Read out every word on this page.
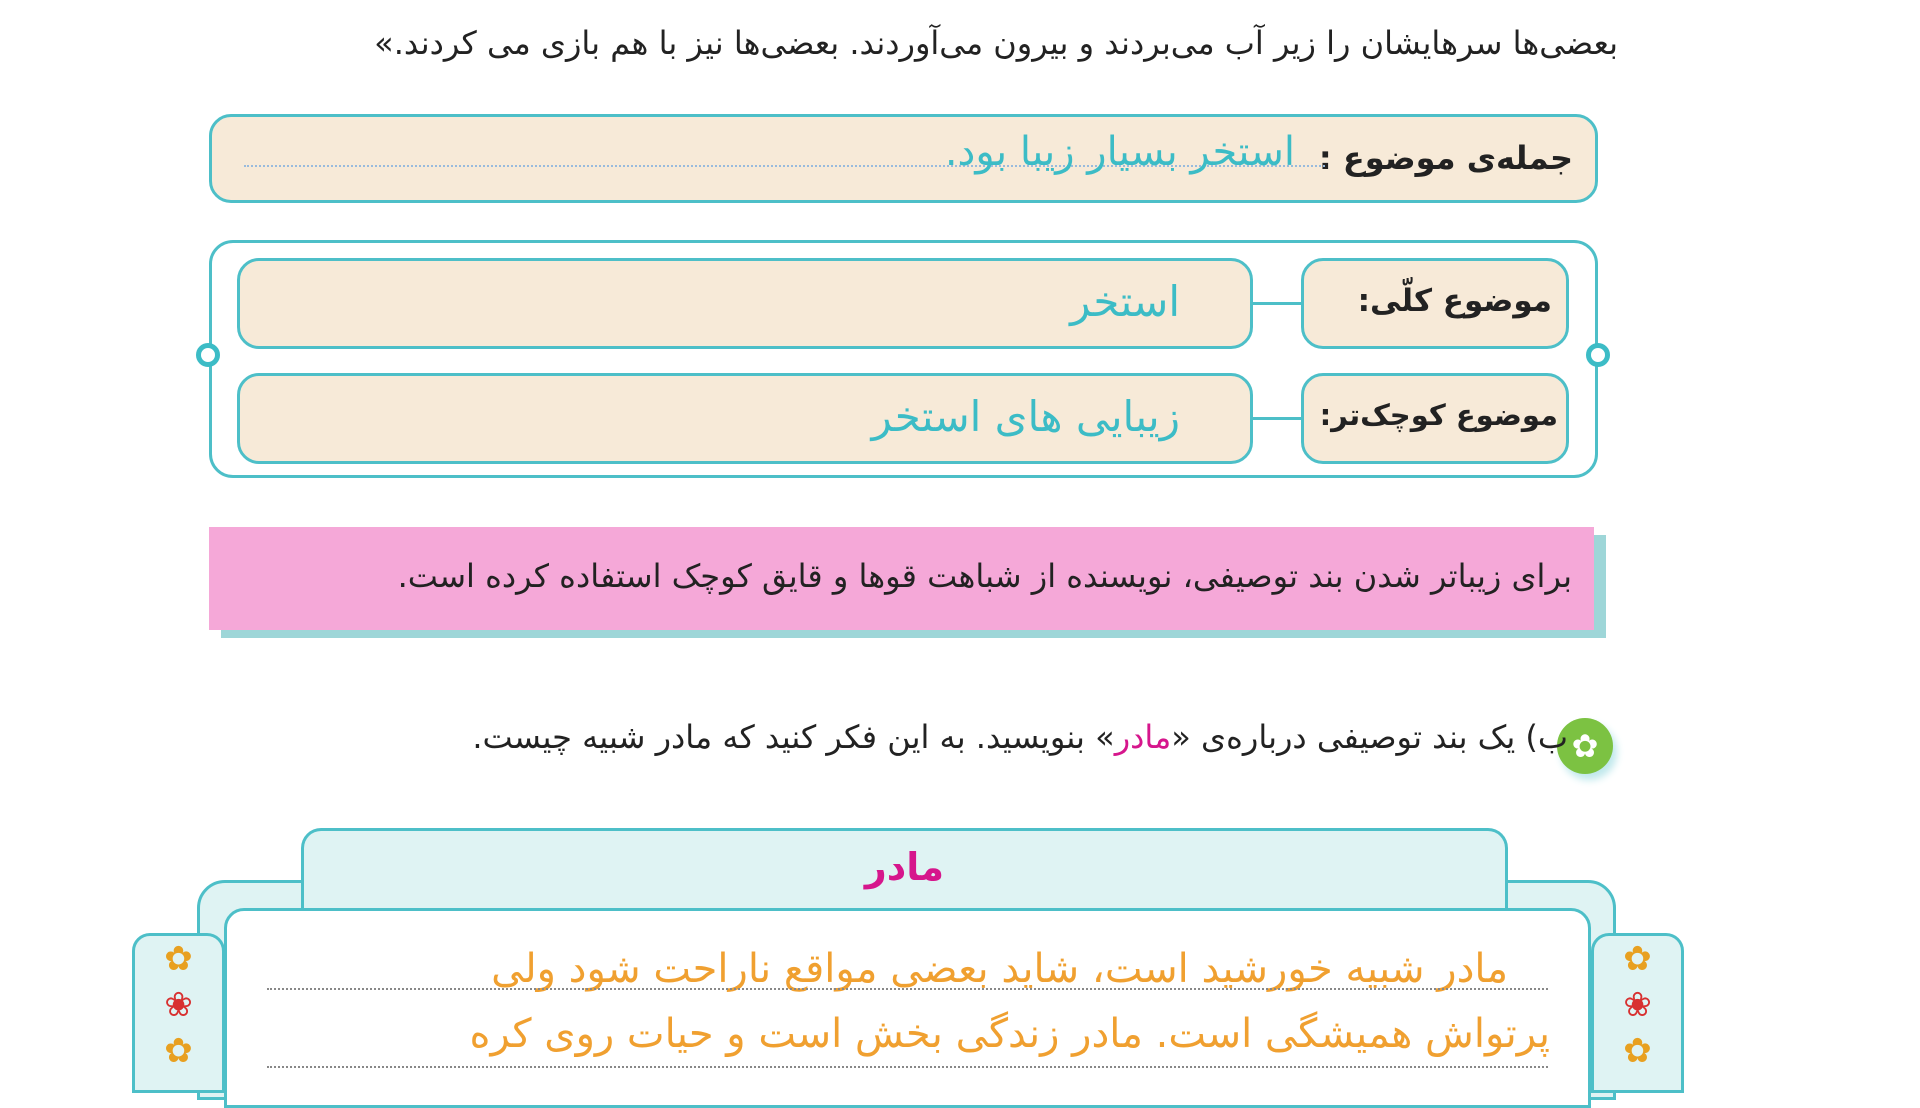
بعضی‌ها سرهایشان را زیر آب می‌بردند و بیرون می‌آوردند. بعضی‌ها نیز با هم بازی می کردند.»
جمله‌ی موضوع :
استخر بسیار زیبا بود.
استخر	موضوع کلّی:
زیبایی های استخر	موضوع کوچک‌تر:
برای زیباتر شدن بند توصیفی، نویسنده از شباهت قوها و قایق کوچک استفاده کرده است.
✿
ب) یک بند توصیفی درباره‌ی «مادر» بنویسید. به این فکر کنید که مادر شبیه چیست.
مادر
✿
❀
✿
✿
❀
✿
مادر شبیه خورشید است، شاید بعضی مواقع ناراحت شود ولی
پرتواش همیشگی است. مادر زندگی بخش است و حیات روی کره
